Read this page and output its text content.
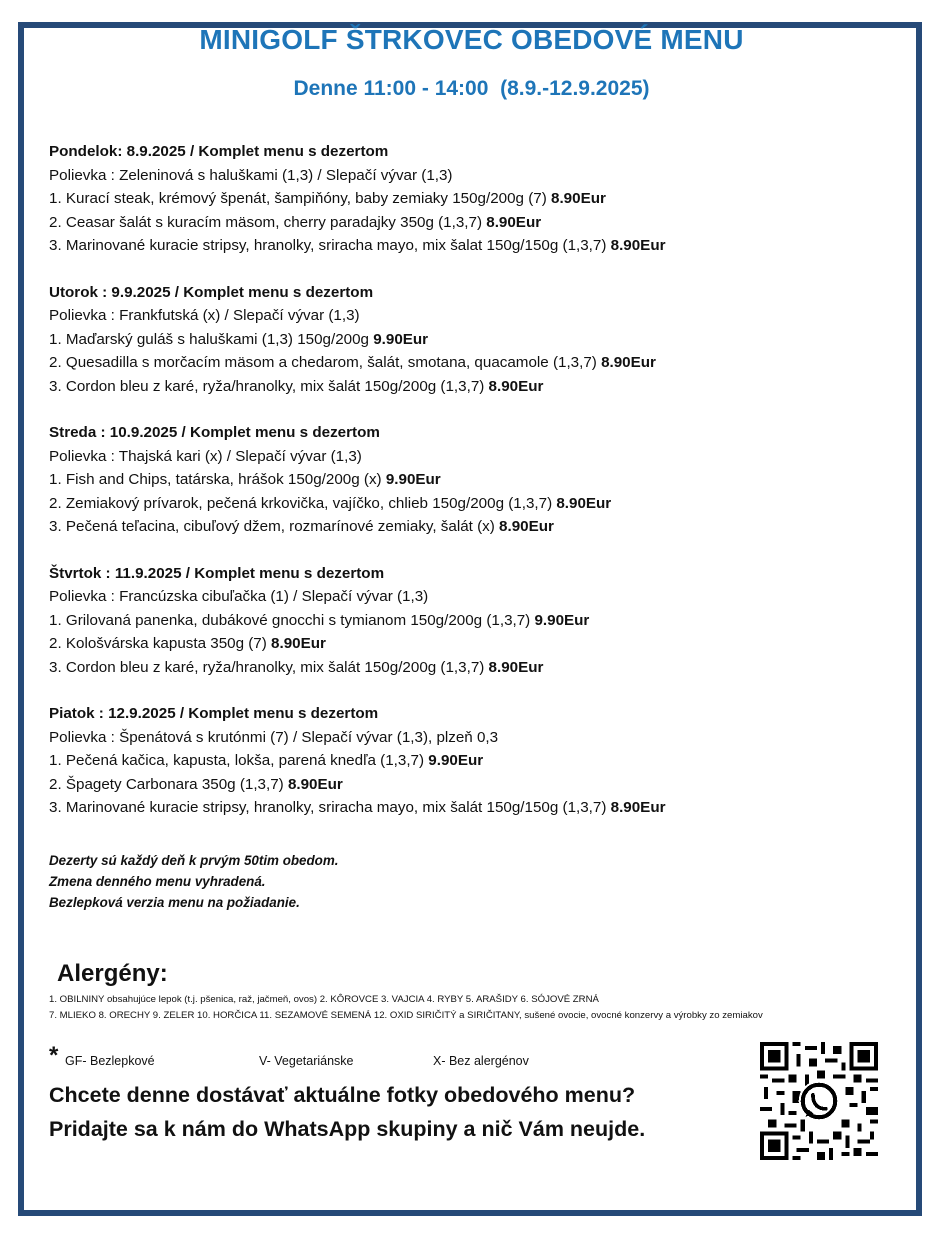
MINIGOLF ŠTRKOVEC OBEDOVÉ MENU
Denne 11:00 - 14:00  (8.9.-12.9.2025)
Pondelok: 8.9.2025 / Komplet menu s dezertom
Polievka : Zeleninová s haluškami (1,3) / Slepačí vývar (1,3)
1. Kurací steak, krémový špenát, šampiňóny, baby zemiaky 150g/200g (7) 8.90Eur
2. Ceasar šalát s kuracím mäsom, cherry paradajky 350g (1,3,7) 8.90Eur
3. Marinované kuracie stripsy, hranolky, sriracha mayo, mix šalat 150g/150g (1,3,7) 8.90Eur
Utorok : 9.9.2025 / Komplet menu s dezertom
Polievka : Frankfutská (x) / Slepačí vývar (1,3)
1. Maďarský guláš s haluškami (1,3) 150g/200g 9.90Eur
2. Quesadilla s morčacím mäsom a chedarom, šalát, smotana, quacamole (1,3,7) 8.90Eur
3. Cordon bleu z karé, ryža/hranolky, mix šalát 150g/200g (1,3,7) 8.90Eur
Streda : 10.9.2025 / Komplet menu s dezertom
Polievka : Thajská kari (x) / Slepačí vývar (1,3)
1. Fish and Chips, tatárska, hrášok 150g/200g (x) 9.90Eur
2. Zemiakový prívarok, pečená krkovička, vajíčko, chlieb 150g/200g (1,3,7) 8.90Eur
3. Pečená teľacina, cibuľový džem, rozmarínové zemiaky, šalát (x) 8.90Eur
Štvrtok : 11.9.2025 / Komplet menu s dezertom
Polievka : Francúzska cibuľačka (1) / Slepačí vývar (1,3)
1. Grilovaná panenka, dubákové gnocchi s tymianom 150g/200g (1,3,7) 9.90Eur
2. Kološvárska kapusta 350g (7) 8.90Eur
3. Cordon bleu z karé, ryža/hranolky, mix šalát 150g/200g (1,3,7) 8.90Eur
Piatok : 12.9.2025 / Komplet menu s dezertom
Polievka : Špenátová s krutónmi (7) / Slepačí vývar (1,3), plzeň 0,3
1. Pečená kačica, kapusta, lokša, parená knedľa (1,3,7) 9.90Eur
2. Špagety Carbonara 350g (1,3,7) 8.90Eur
3. Marinované kuracie stripsy, hranolky, sriracha mayo, mix šalát 150g/150g (1,3,7) 8.90Eur
Dezerty sú každý deň k prvým 50tim obedom.
Zmena denného menu vyhradená.
Bezlepková verzia menu na požiadanie.
Alergény:
1. OBILNINY obsahujúce lepok (t.j. pšenica, raž, jačmeň, ovos) 2. KÔROVCE 3. VAJCIA 4. RYBY 5. ARAŠIDY 6. SÓJOVÉ ZRNÁ
7. MLIEKO 8. ORECHY 9. ZELER 10. HORČICA 11. SEZAMOVÉ SEMENÁ 12. OXID SIRIČITÝ a SIRIČITANY, sušené ovocie, ovocné konzervy a výrobky zo zemiakov
* GF- Bezlepkové	V- Vegetariánske	X- Bez alergénov
Chcete denne dostávať aktuálne fotky obedového menu?
Pridajte sa k nám do WhatsApp skupiny a nič Vám neujde.
